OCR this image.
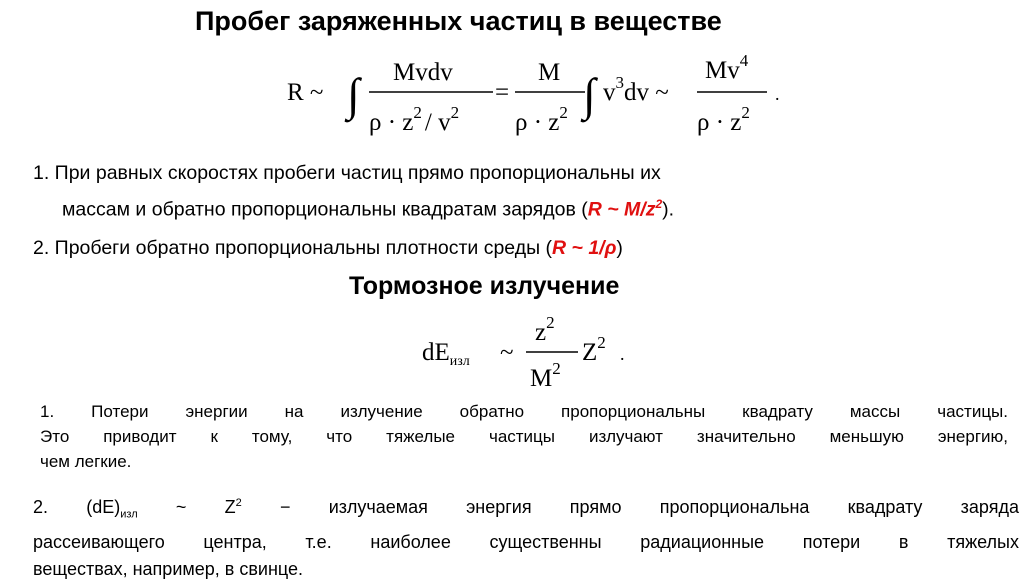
Пробег заряженных частиц в веществе
R ~ ∫ Mvdv
$\rho \cdot z^2 / v^2$
=
M
$\rho \cdot z^2$ ∫ $v^3dv$ ~
Mv$^4$
$\rho \cdot z^2$
.
1. При равных скоростях пробеги частиц прямо пропорциональны их
массам и обратно пропорциональны квадратам зарядов (R ~ $M/z^2$).
2. Пробеги обратно пропорциональны плотности среды (R ~ 1/ρ)
Тормозное излучение
$dE_{изл}$ ~
$z^2$
$M^2$
$Z^2$
.
1. Потери энергии на излучение обратно пропорциональны квадрату массы частицы.
Это приводит к тому, что тяжелые частицы излучают значительно меньшую энергию,
чем легкие.
2. $(dE)_{изл}$ ~ $Z^2$ − излучаемая энергия прямо пропорциональна квадрату заряда
рассеивающего центра, т.е. наиболее существенны радиационные потери в тяжелых
веществах, например, в свинце.
